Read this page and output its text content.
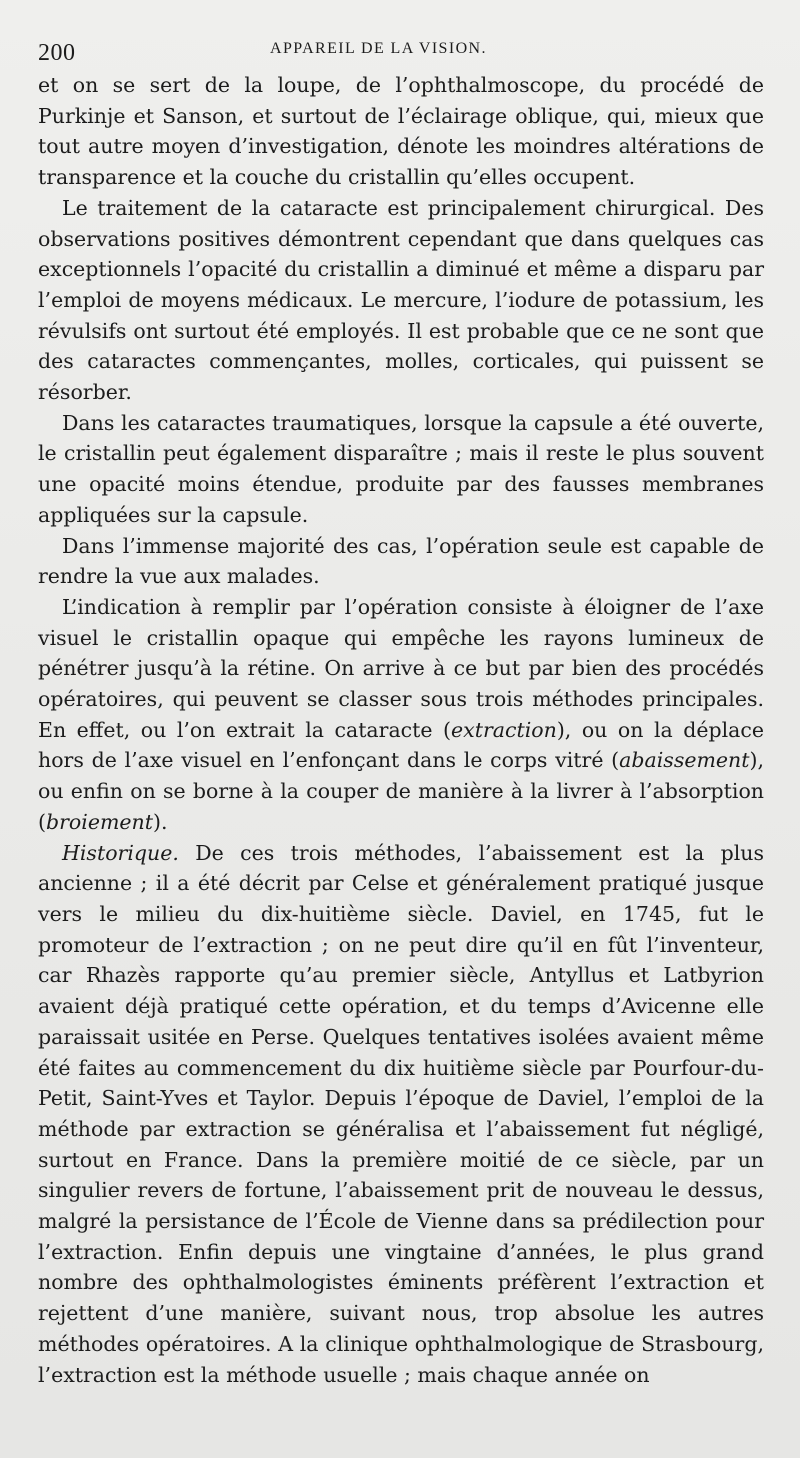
200	APPAREIL DE LA VISION.

et on se sert de la loupe, de l’ophthalmoscope, du procédé de Purkinje et Sanson, et surtout de l’éclairage oblique, qui, mieux que tout autre moyen d’investigation, dénote les moindres altérations de transparence et la couche du cristallin qu’elles occupent.

Le traitement de la cataracte est principalement chirurgical. Des observations positives démontrent cependant que dans quelques cas exceptionnels l’opacité du cristallin a diminué et même a disparu par l’emploi de moyens médicaux. Le mercure, l’iodure de potassium, les révulsifs ont surtout été employés. Il est probable que ce ne sont que des cataractes commençantes, molles, corticales, qui puissent se résorber.

Dans les cataractes traumatiques, lorsque la capsule a été ouverte, le cristallin peut également disparaître ; mais il reste le plus souvent une opacité moins étendue, produite par des fausses membranes appliquées sur la capsule.

Dans l’immense majorité des cas, l’opération seule est capable de rendre la vue aux malades.

L’indication à remplir par l’opération consiste à éloigner de l’axe visuel le cristallin opaque qui empêche les rayons lumineux de pénétrer jusqu’à la rétine. On arrive à ce but par bien des procédés opératoires, qui peuvent se classer sous trois méthodes principales. En effet, ou l’on extrait la cataracte (extraction), ou on la déplace hors de l’axe visuel en l’enfonçant dans le corps vitré (abaissement), ou enfin on se borne à la couper de manière à la livrer à l’absorption (broiement).

Historique. De ces trois méthodes, l’abaissement est la plus ancienne ; il a été décrit par Celse et généralement pratiqué jusque vers le milieu du dix-huitième siècle. Daviel, en 1745, fut le promoteur de l’extraction ; on ne peut dire qu’il en fût l’inventeur, car Rhazès rapporte qu’au premier siècle, Antyllus et Latbyrion avaient déjà pratiqué cette opération, et du temps d’Avicenne elle paraissait usitée en Perse. Quelques tentatives isolées avaient même été faites au commencement du dix huitième siècle par Pourfour-du-Petit, Saint-Yves et Taylor. Depuis l’époque de Daviel, l’emploi de la méthode par extraction se généralisa et l’abaissement fut négligé, surtout en France. Dans la première moitié de ce siècle, par un singulier revers de fortune, l’abaissement prit de nouveau le dessus, malgré la persistance de l’École de Vienne dans sa prédilection pour l’extraction. Enfin depuis une vingtaine d’années, le plus grand nombre des ophthalmologistes éminents préfèrent l’extraction et rejettent d’une manière, suivant nous, trop absolue les autres méthodes opératoires. A la clinique ophthalmologique de Strasbourg, l’extraction est la méthode usuelle ; mais chaque année on
